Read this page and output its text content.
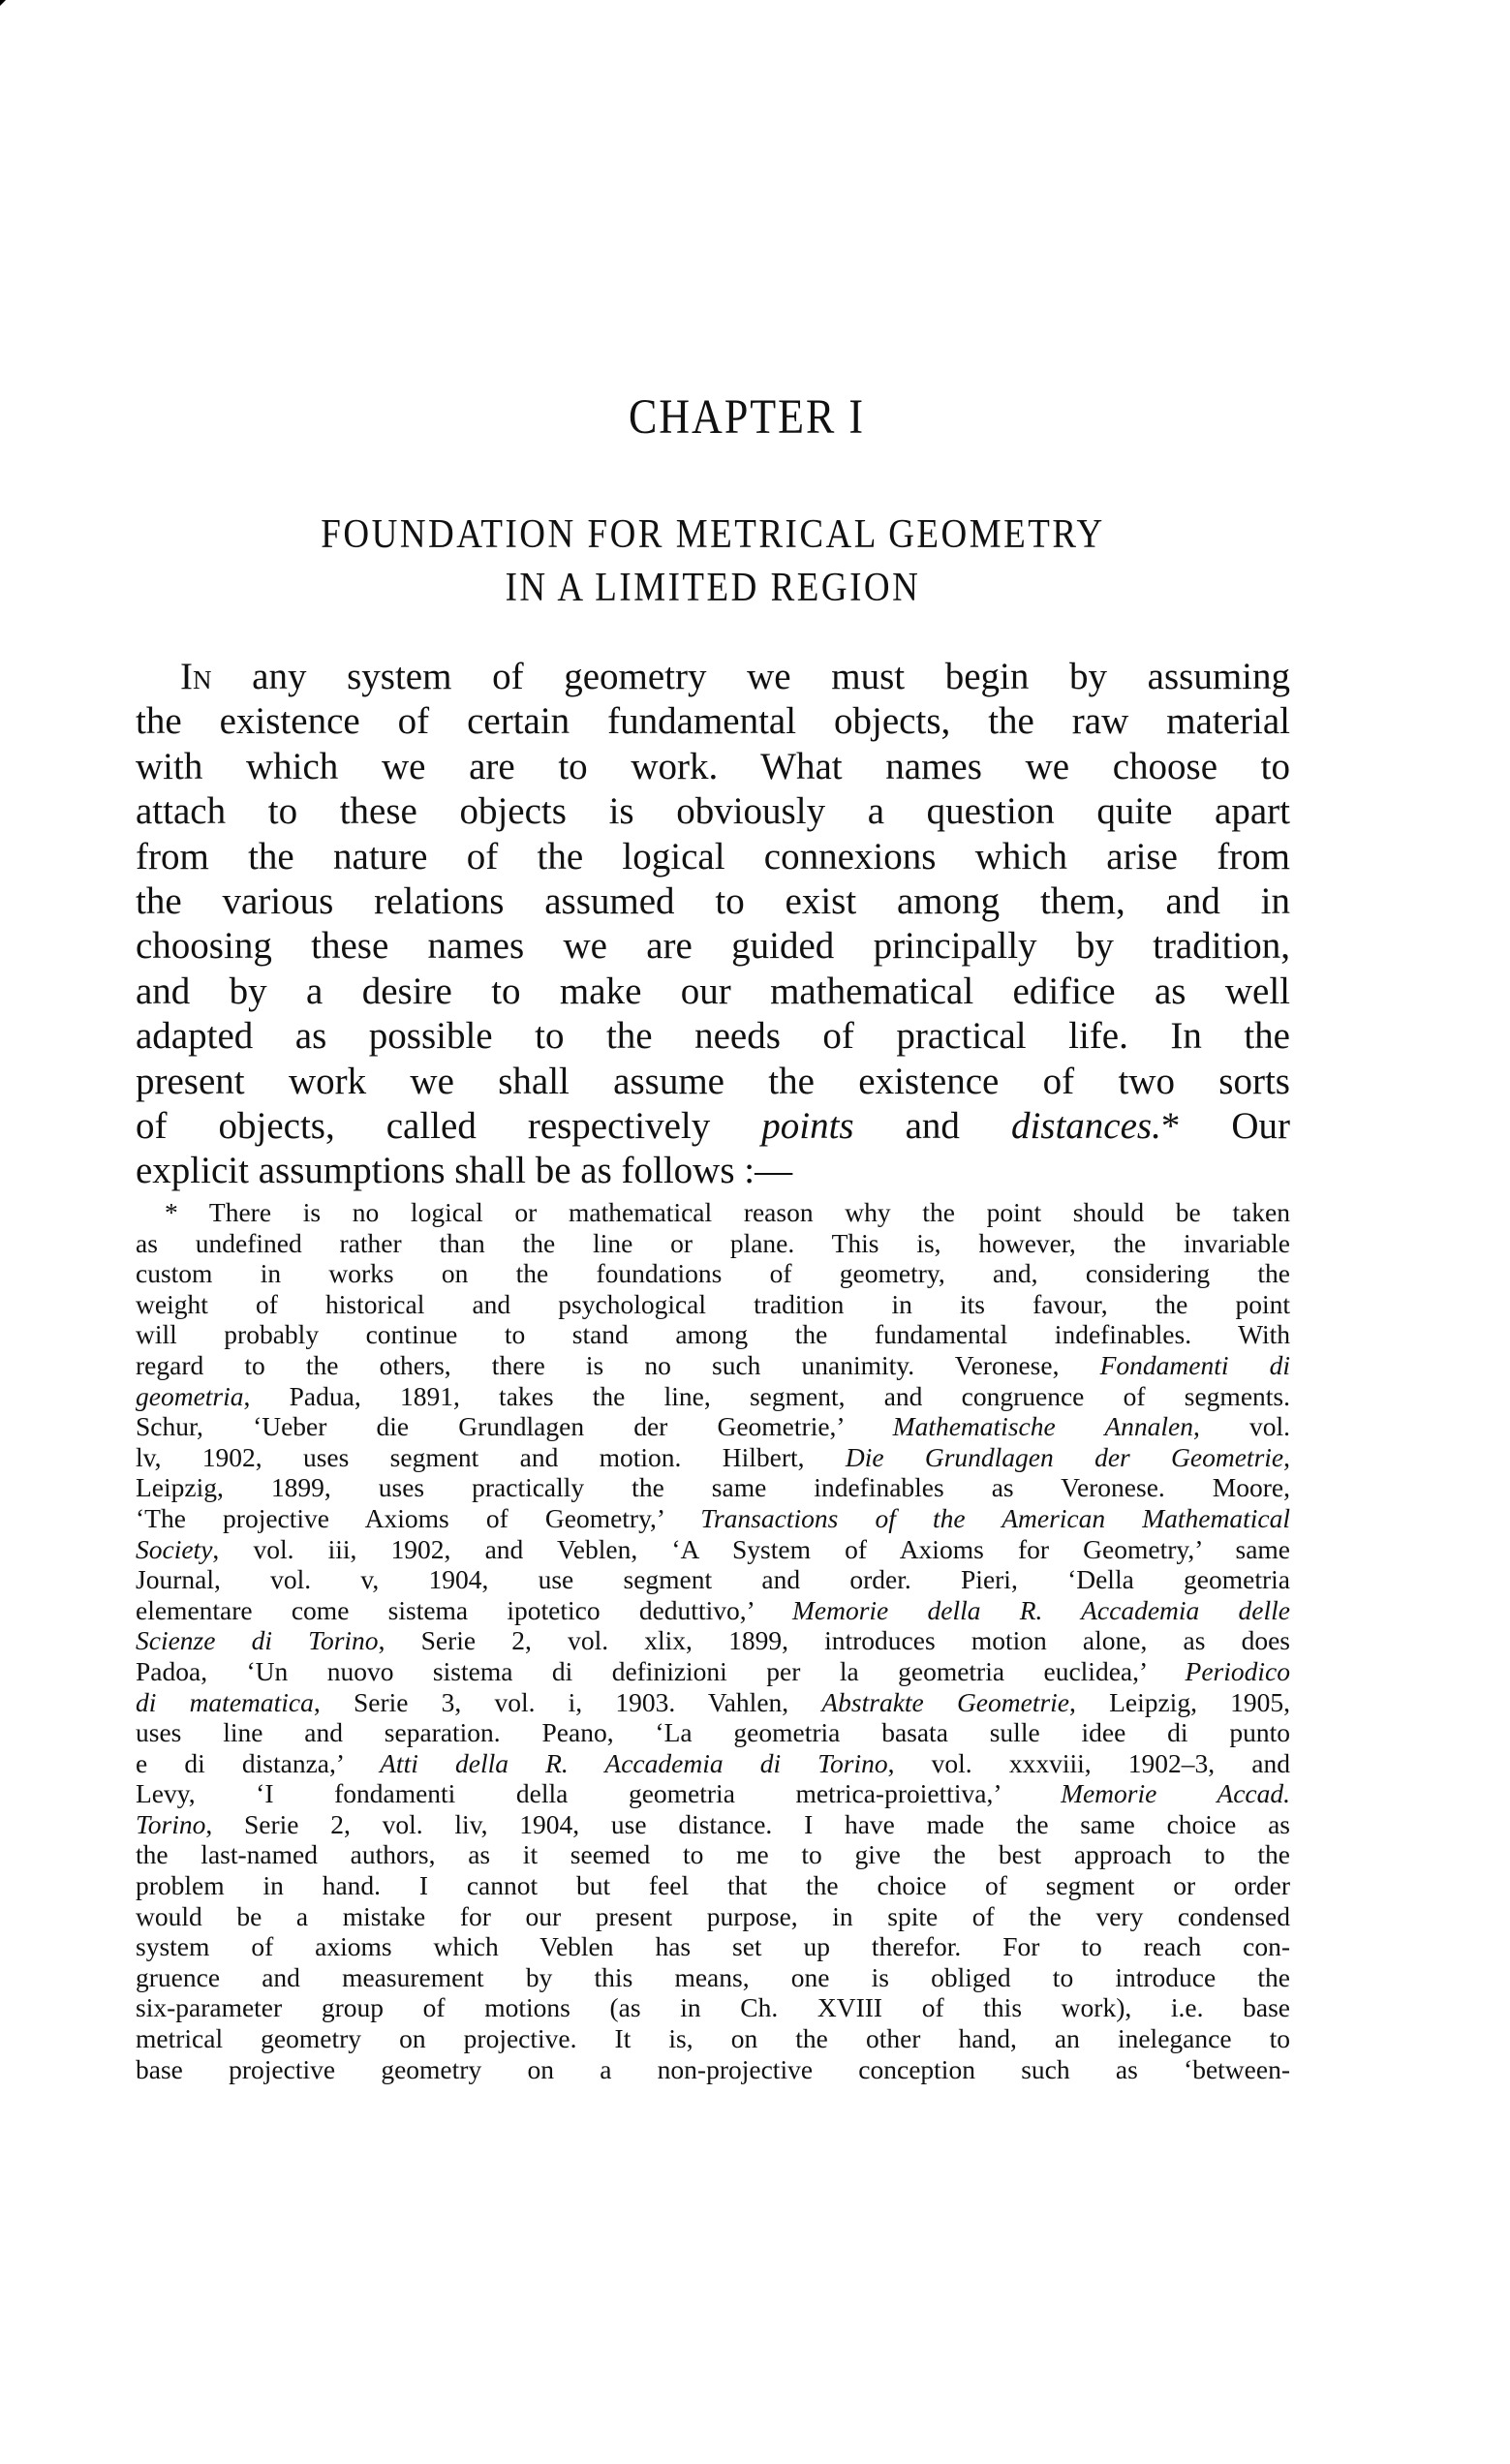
CHAPTER I
FOUNDATION FOR METRICAL GEOMETRY
IN A LIMITED REGION
In any system of geometry we must begin by assuming
the existence of certain fundamental objects, the raw material
with which we are to work. What names we choose to
attach to these objects is obviously a question quite apart
from the nature of the logical connexions which arise from
the various relations assumed to exist among them, and in
choosing these names we are guided principally by tradition,
and by a desire to make our mathematical edifice as well
adapted as possible to the needs of practical life. In the
present work we shall assume the existence of two sorts
of objects, called respectively points and distances.* Our
explicit assumptions shall be as follows :—
* There is no logical or mathematical reason why the point should be taken
as undefined rather than the line or plane. This is, however, the invariable
custom in works on the foundations of geometry, and, considering the
weight of historical and psychological tradition in its favour, the point
will probably continue to stand among the fundamental indefinables. With
regard to the others, there is no such unanimity. Veronese, Fondamenti di
geometria, Padua, 1891, takes the line, segment, and congruence of segments.
Schur, ‘Ueber die Grundlagen der Geometrie,’ Mathematische Annalen, vol.
lv, 1902, uses segment and motion. Hilbert, Die Grundlagen der Geometrie,
Leipzig, 1899, uses practically the same indefinables as Veronese. Moore,
‘The projective Axioms of Geometry,’ Transactions of the American Mathematical
Society, vol. iii, 1902, and Veblen, ‘A System of Axioms for Geometry,’ same
Journal, vol. v, 1904, use segment and order. Pieri, ‘Della geometria
elementare come sistema ipotetico deduttivo,’ Memorie della R. Accademia delle
Scienze di Torino, Serie 2, vol. xlix, 1899, introduces motion alone, as does
Padoa, ‘Un nuovo sistema di definizioni per la geometria euclidea,’ Periodico
di matematica, Serie 3, vol. i, 1903. Vahlen, Abstrakte Geometrie, Leipzig, 1905,
uses line and separation. Peano, ‘La geometria basata sulle idee di punto
e di distanza,’ Atti della R. Accademia di Torino, vol. xxxviii, 1902–3, and
Levy, ‘I fondamenti della geometria metrica-proiettiva,’ Memorie Accad.
Torino, Serie 2, vol. liv, 1904, use distance. I have made the same choice as
the last-named authors, as it seemed to me to give the best approach to the
problem in hand. I cannot but feel that the choice of segment or order
would be a mistake for our present purpose, in spite of the very condensed
system of axioms which Veblen has set up therefor. For to reach con-
gruence and measurement by this means, one is obliged to introduce the
six-parameter group of motions (as in Ch. XVIII of this work), i.e. base
metrical geometry on projective. It is, on the other hand, an inelegance to
base projective geometry on a non-projective conception such as ‘between-
